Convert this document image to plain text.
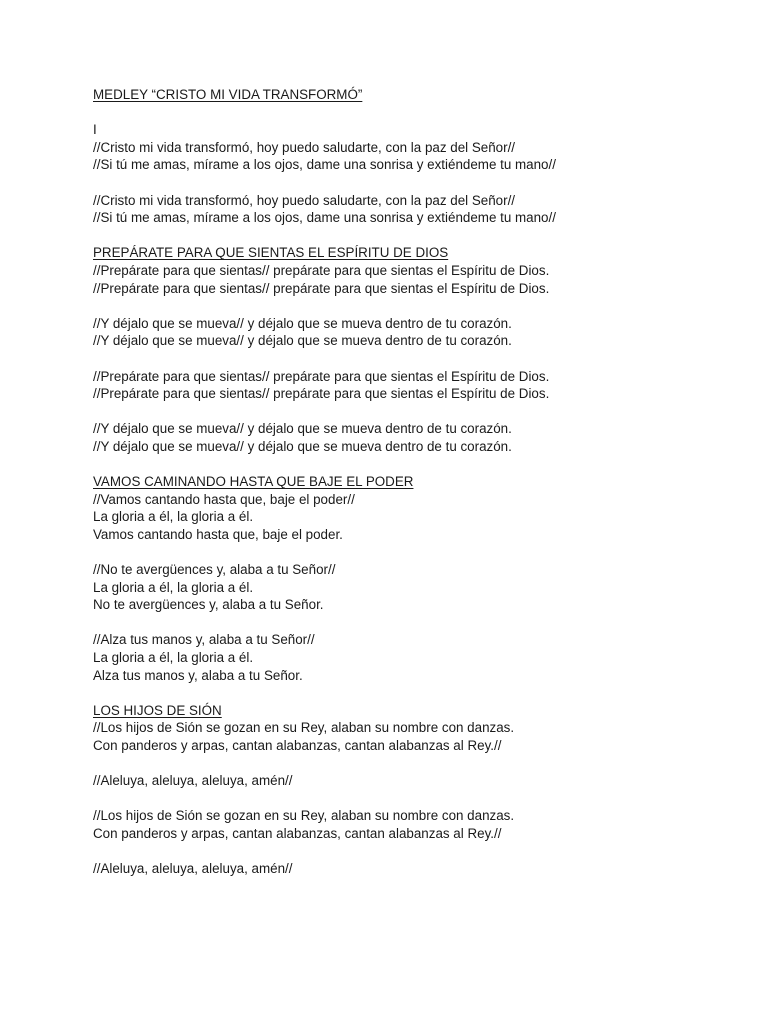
MEDLEY “CRISTO MI VIDA TRANSFORMÓ”
I
//Cristo mi vida transformó, hoy puedo saludarte, con la paz del Señor//
//Si tú me amas, mírame a los ojos, dame una sonrisa y extiéndeme tu mano//
//Cristo mi vida transformó, hoy puedo saludarte, con la paz del Señor//
//Si tú me amas, mírame a los ojos, dame una sonrisa y extiéndeme tu mano//
PREPÁRATE PARA QUE SIENTAS EL ESPÍRITU DE DIOS
//Prepárate para que sientas// prepárate para que sientas el Espíritu de Dios.
//Prepárate para que sientas// prepárate para que sientas el Espíritu de Dios.
//Y déjalo que se mueva// y déjalo que se mueva dentro de tu corazón.
//Y déjalo que se mueva// y déjalo que se mueva dentro de tu corazón.
//Prepárate para que sientas// prepárate para que sientas el Espíritu de Dios.
//Prepárate para que sientas// prepárate para que sientas el Espíritu de Dios.
//Y déjalo que se mueva// y déjalo que se mueva dentro de tu corazón.
//Y déjalo que se mueva// y déjalo que se mueva dentro de tu corazón.
VAMOS CAMINANDO HASTA QUE BAJE EL PODER
//Vamos cantando hasta que, baje el poder//
La gloria a él, la gloria a él.
Vamos cantando hasta que, baje el poder.
//No te avergüences y, alaba a tu Señor//
La gloria a él, la gloria a él.
No te avergüences y, alaba a tu Señor.
//Alza tus manos y, alaba a tu Señor//
La gloria a él, la gloria a él.
Alza tus manos y, alaba a tu Señor.
LOS HIJOS DE SIÓN
//Los hijos de Sión se gozan en su Rey, alaban su nombre con danzas.
Con panderos y arpas, cantan alabanzas, cantan alabanzas al Rey.//
//Aleluya, aleluya, aleluya, amén//
//Los hijos de Sión se gozan en su Rey, alaban su nombre con danzas.
Con panderos y arpas, cantan alabanzas, cantan alabanzas al Rey.//
//Aleluya, aleluya, aleluya, amén//
